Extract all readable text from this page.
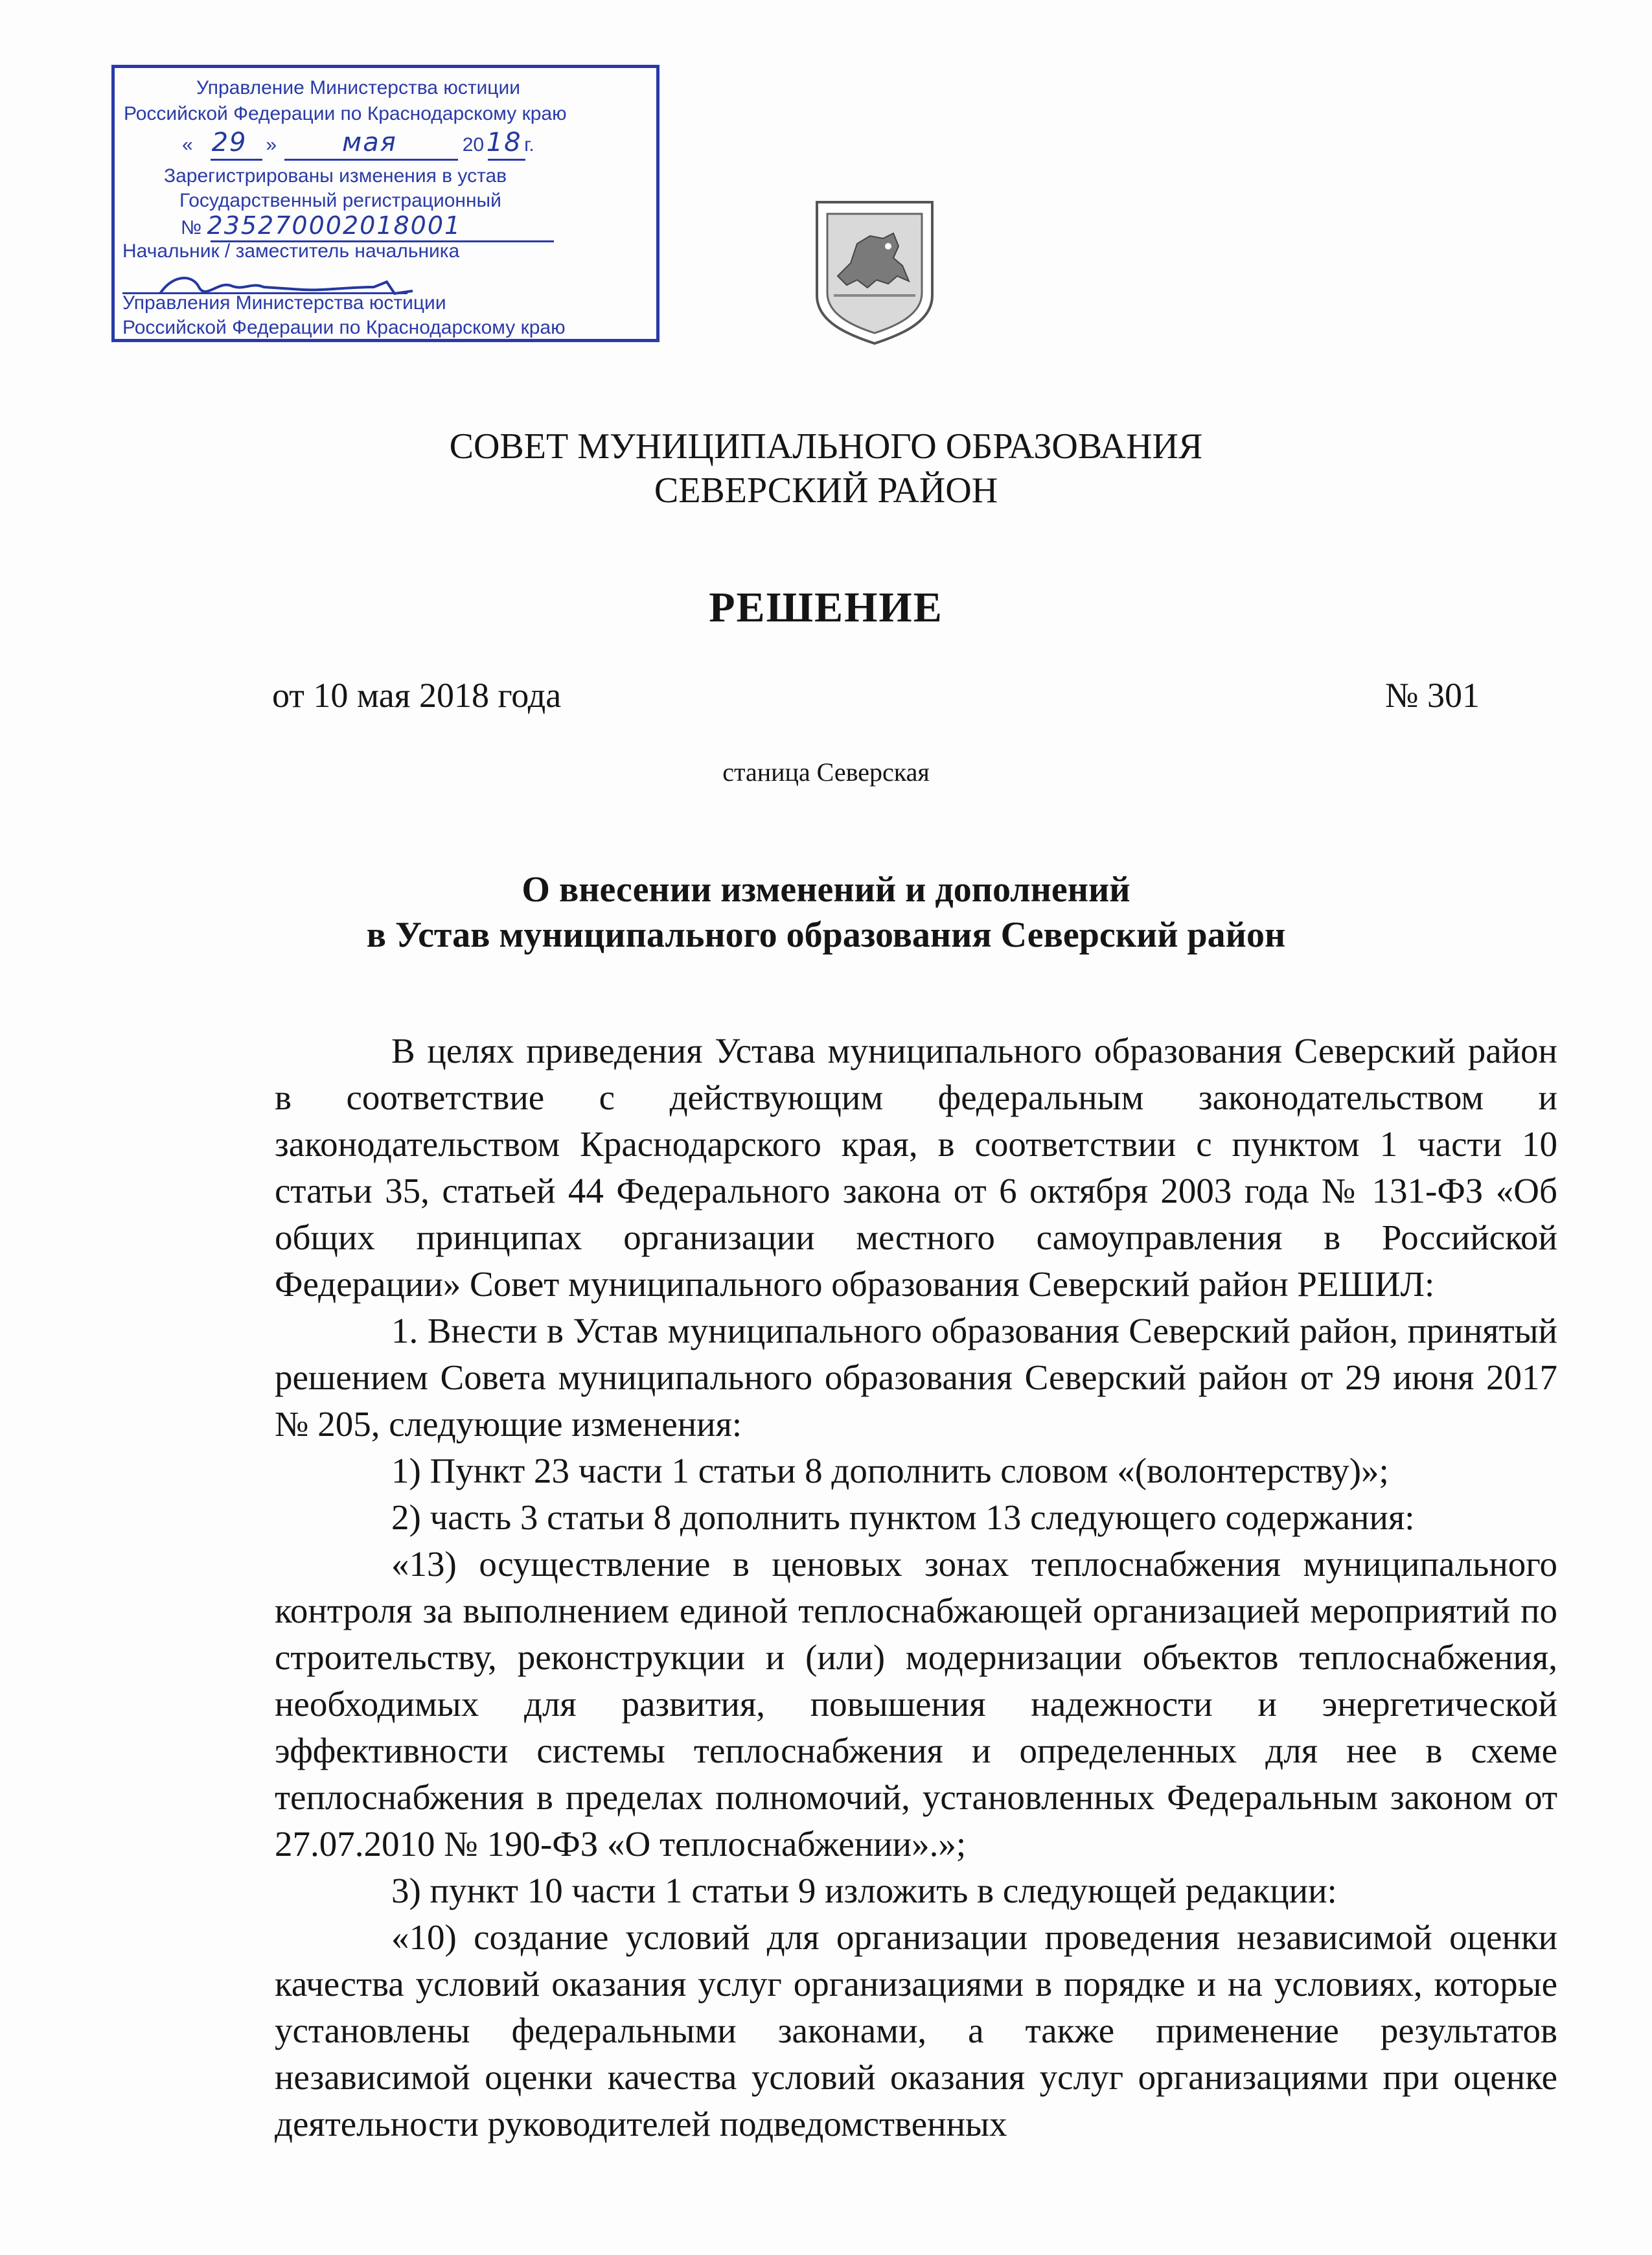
Управление Министерства юстиции
Российской Федерации по Краснодарскому краю
« 29 »	мая	2018 г.
Зарегистрированы изменения в устав
Государственный регистрационный
№ 235270002018001
Начальник / заместитель начальника
Управления Министерства юстиции
Российской Федерации по Краснодарскому краю
СОВЕТ МУНИЦИПАЛЬНОГО ОБРАЗОВАНИЯ
СЕВЕРСКИЙ РАЙОН
РЕШЕНИЕ
от 10 мая 2018 года	№ 301
станица Северская
О внесении изменений и дополнений
в Устав муниципального образования Северский район

В целях приведения Устава муниципального образования Северский район в соответствие с действующим федеральным законодательством и законодательством Краснодарского края, в соответствии с пунктом 1 части 10 статьи 35, статьей 44 Федерального закона от 6 октября 2003 года № 131-ФЗ «Об общих принципах организации местного самоуправления в Российской Федерации» Совет муниципального образования Северский район РЕШИЛ:

1. Внести в Устав муниципального образования Северский район, принятый решением Совета муниципального образования Северский район от 29 июня 2017 № 205, следующие изменения:

1) Пункт 23 части 1 статьи 8 дополнить словом «(волонтерству)»;

2) часть 3 статьи 8 дополнить пунктом 13 следующего содержания:

«13) осуществление в ценовых зонах теплоснабжения муниципального контроля за выполнением единой теплоснабжающей организацией мероприятий по строительству, реконструкции и (или) модернизации объектов теплоснабжения, необходимых для развития, повышения надежности и энергетической эффективности системы теплоснабжения и определенных для нее в схеме теплоснабжения в пределах полномочий, установленных Федеральным законом от 27.07.2010 № 190-ФЗ «О теплоснабжении».»;

3) пункт 10 части 1 статьи 9 изложить в следующей редакции:

«10) создание условий для организации проведения независимой оценки качества условий оказания услуг организациями в порядке и на условиях, которые установлены федеральными законами, а также применение результатов независимой оценки качества условий оказания услуг организациями при оценке деятельности руководителей подведомственных
